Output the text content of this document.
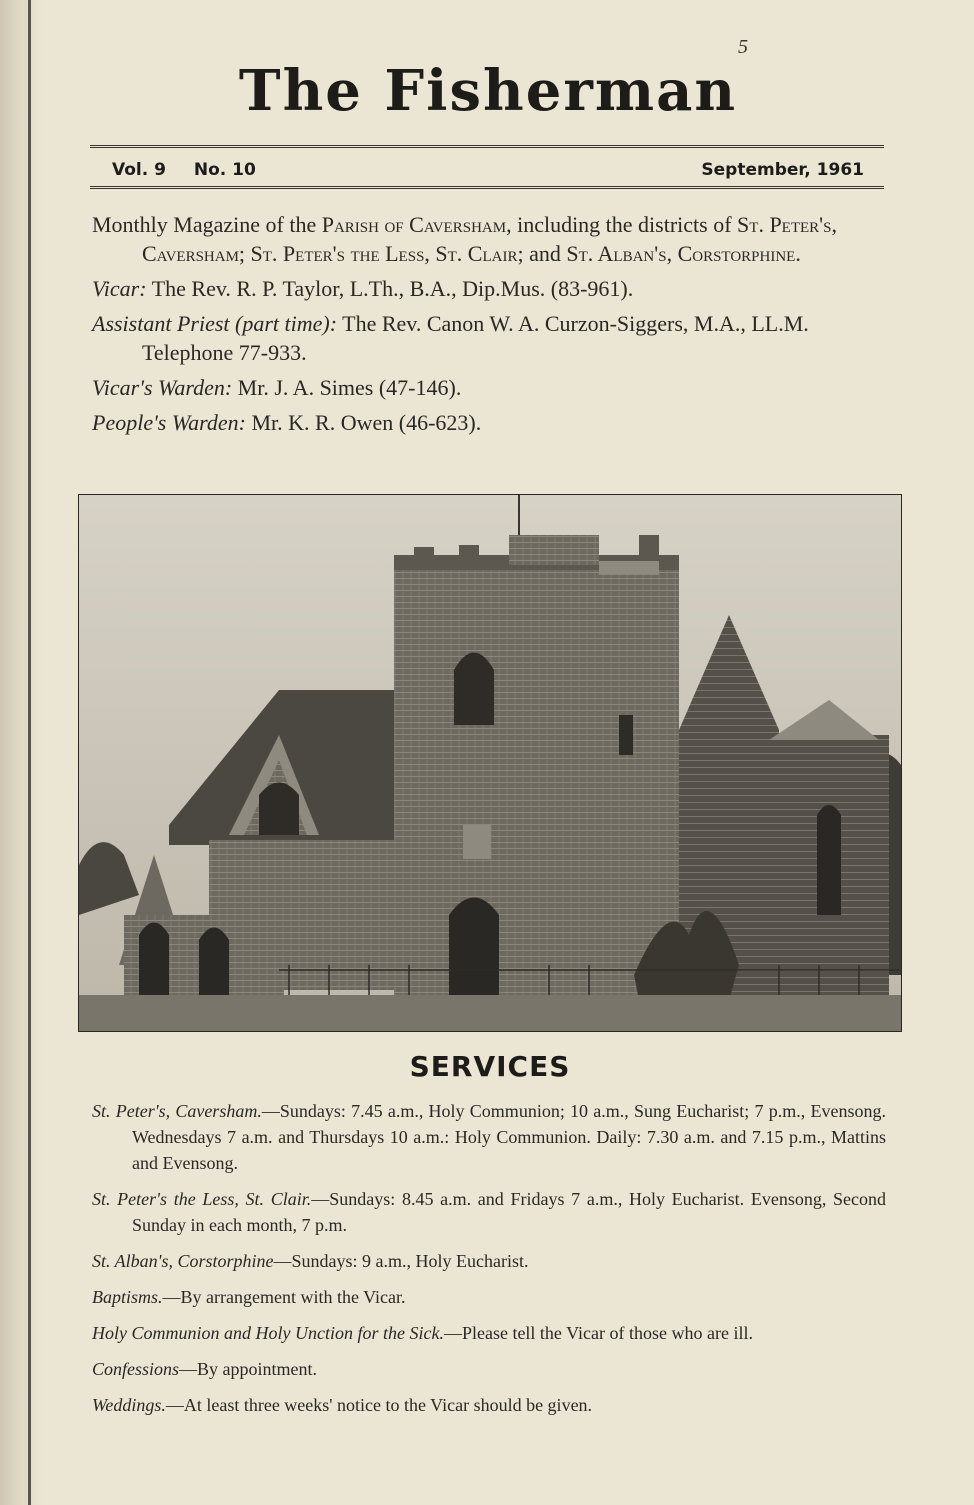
5
The Fisherman
Vol. 9 No. 10	September, 1961

Monthly Magazine of the Parish of Caversham, including the districts of St. Peter's, Caversham; St. Peter's the Less, St. Clair; and St. Alban's, Corstorphine.

Vicar: The Rev. R. P. Taylor, L.Th., B.A., Dip.Mus. (83-961).

Assistant Priest (part time): The Rev. Canon W. A. Curzon-Siggers, M.A., LL.M. Telephone 77-933.

Vicar's Warden: Mr. J. A. Simes (47-146).

People's Warden: Mr. K. R. Owen (46-623).

SERVICES

St. Peter's, Caversham.—Sundays: 7.45 a.m., Holy Communion; 10 a.m., Sung Eucharist; 7 p.m., Evensong. Wednesdays 7 a.m. and Thursdays 10 a.m.: Holy Communion. Daily: 7.30 a.m. and 7.15 p.m., Mattins and Evensong.

St. Peter's the Less, St. Clair.—Sundays: 8.45 a.m. and Fridays 7 a.m., Holy Eucharist. Evensong, Second Sunday in each month, 7 p.m.

St. Alban's, Corstorphine—Sundays: 9 a.m., Holy Eucharist.

Baptisms.—By arrangement with the Vicar.

Holy Communion and Holy Unction for the Sick.—Please tell the Vicar of those who are ill.

Confessions—By appointment.

Weddings.—At least three weeks' notice to the Vicar should be given.
